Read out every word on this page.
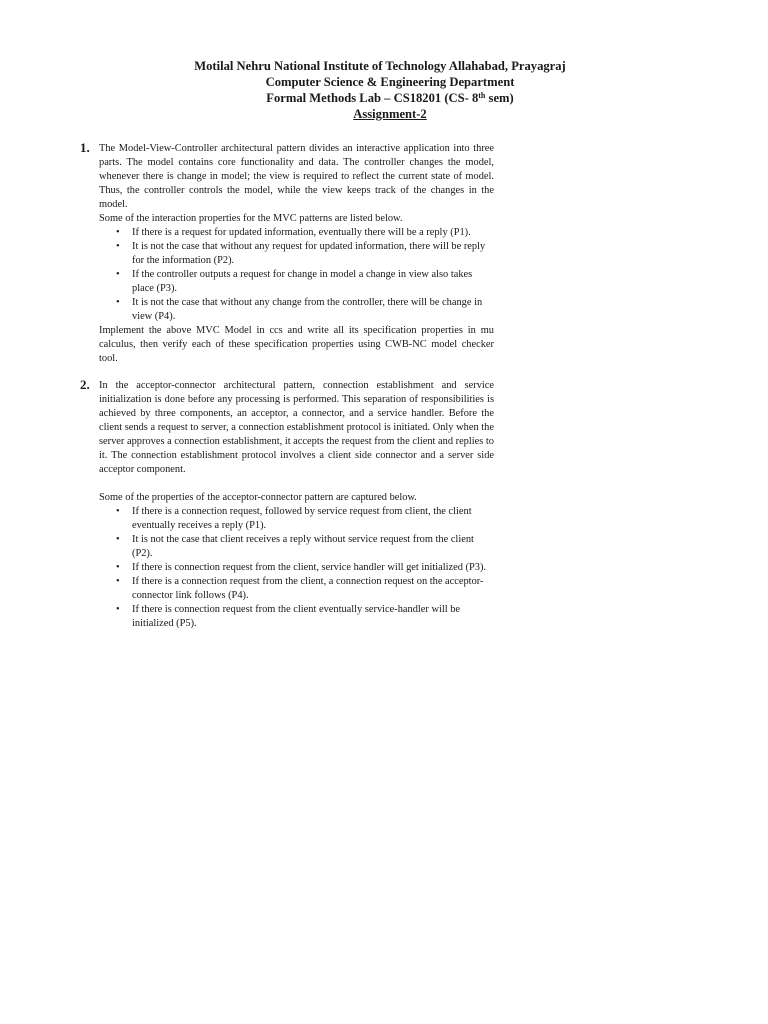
Motilal Nehru National Institute of Technology Allahabad, Prayagraj
Computer Science & Engineering Department
Formal Methods Lab – CS18201 (CS- 8th sem)
Assignment-2
1. The Model-View-Controller architectural pattern divides an interactive application into three parts. The model contains core functionality and data. The controller changes the model, whenever there is change in model; the view is required to reflect the current state of model. Thus, the controller controls the model, while the view keeps track of the changes in the model.

Some of the interaction properties for the MVC patterns are listed below.

• If there is a request for updated information, eventually there will be a reply (P1).
• It is not the case that without any request for updated information, there will be reply for the information (P2).
• If the controller outputs a request for change in model a change in view also takes place (P3).
• It is not the case that without any change from the controller, there will be change in view (P4).

Implement the above MVC Model in ccs and write all its specification properties in mu calculus, then verify each of these specification properties using CWB-NC model checker tool.

2. In the acceptor-connector architectural pattern, connection establishment and service initialization is done before any processing is performed. This separation of responsibilities is achieved by three components, an acceptor, a connector, and a service handler. Before the client sends a request to server, a connection establishment protocol is initiated. Only when the server approves a connection establishment, it accepts the request from the client and replies to it. The connection establishment protocol involves a client side connector and a server side acceptor component.

Some of the properties of the acceptor-connector pattern are captured below.

• If there is a connection request, followed by service request from client, the client eventually receives a reply (P1).
• It is not the case that client receives a reply without service request from the client (P2).
• If there is connection request from the client, service handler will get initialized (P3).
• If there is a connection request from the client, a connection request on the acceptor-connector link follows (P4).
• If there is connection request from the client eventually service-handler will be initialized (P5).
